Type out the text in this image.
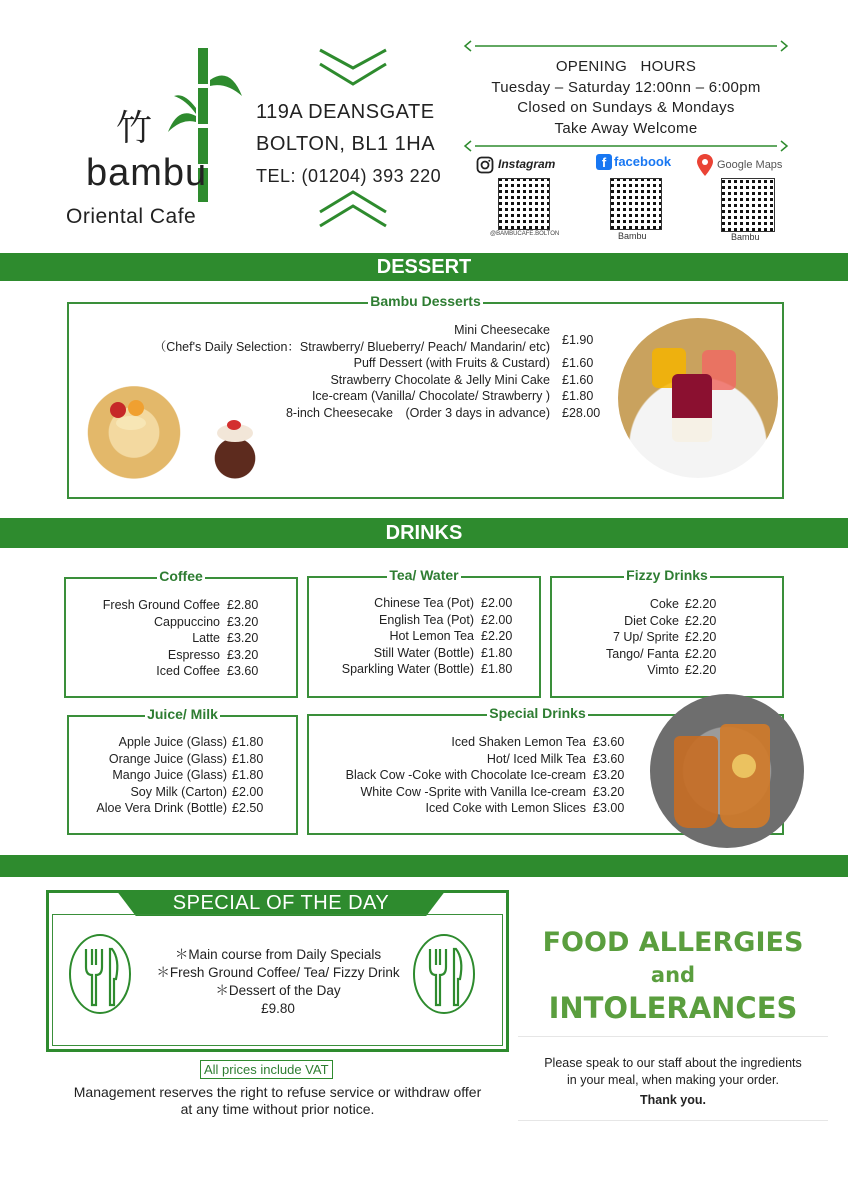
竹
bambu
Oriental Cafe
119A DEANSGATE
BOLTON, BL1 1HA
TEL: (01204) 393 220
OPENING   HOURS
Tuesday – Saturday 12:00nn – 6:00pm
Closed on Sundays & Mondays
Take Away Welcome
Instagram
@BAMBUCAFE.BOLTON
f facebook
Bambu
Google Maps
Bambu
DESSERT
Bambu Desserts
Mini Cheesecake
（Chef's Daily Selection：Strawberry/ Blueberry/ Peach/ Mandarin/ etc) £1.90
Puff Dessert (with Fruits & Custard) £1.60
Strawberry Chocolate & Jelly Mini Cake £1.60
Ice-cream (Vanilla/ Chocolate/ Strawberry ) £1.80
8-inch Cheesecake　(Order 3 days in advance) £28.00
DRINKS
Coffee
Fresh Ground Coffee £2.80
Cappuccino £3.20
Latte £3.20
Espresso £3.20
Iced Coffee £3.60
Tea/ Water
Chinese Tea (Pot) £2.00
English Tea (Pot) £2.00
Hot Lemon Tea £2.20
Still Water (Bottle) £1.80
Sparkling Water (Bottle) £1.80
Fizzy Drinks
Coke £2.20
Diet Coke £2.20
7 Up/ Sprite £2.20
Tango/ Fanta £2.20
Vimto £2.20
Juice/ Milk
Apple Juice (Glass) £1.80
Orange Juice (Glass) £1.80
Mango Juice (Glass) £1.80
Soy Milk (Carton) £2.00
Aloe Vera Drink (Bottle) £2.50
Special Drinks
Iced Shaken Lemon Tea £3.60
Hot/ Iced Milk Tea £3.60
Black Cow -Coke with Chocolate Ice-cream £3.20
White Cow -Sprite with Vanilla Ice-cream £3.20
Iced Coke with Lemon Slices £3.00
SPECIAL OF THE DAY
＊Main course from Daily Specials
＊Fresh Ground Coffee/ Tea/ Fizzy Drink
＊Dessert of the Day
£9.80
All prices include VAT
Management reserves the right to refuse service or withdraw offer
at any time without prior notice.
FOOD ALLERGIES
and
INTOLERANCES
Please speak to our staff about the ingredients
in your meal, when making your order.
Thank you.
